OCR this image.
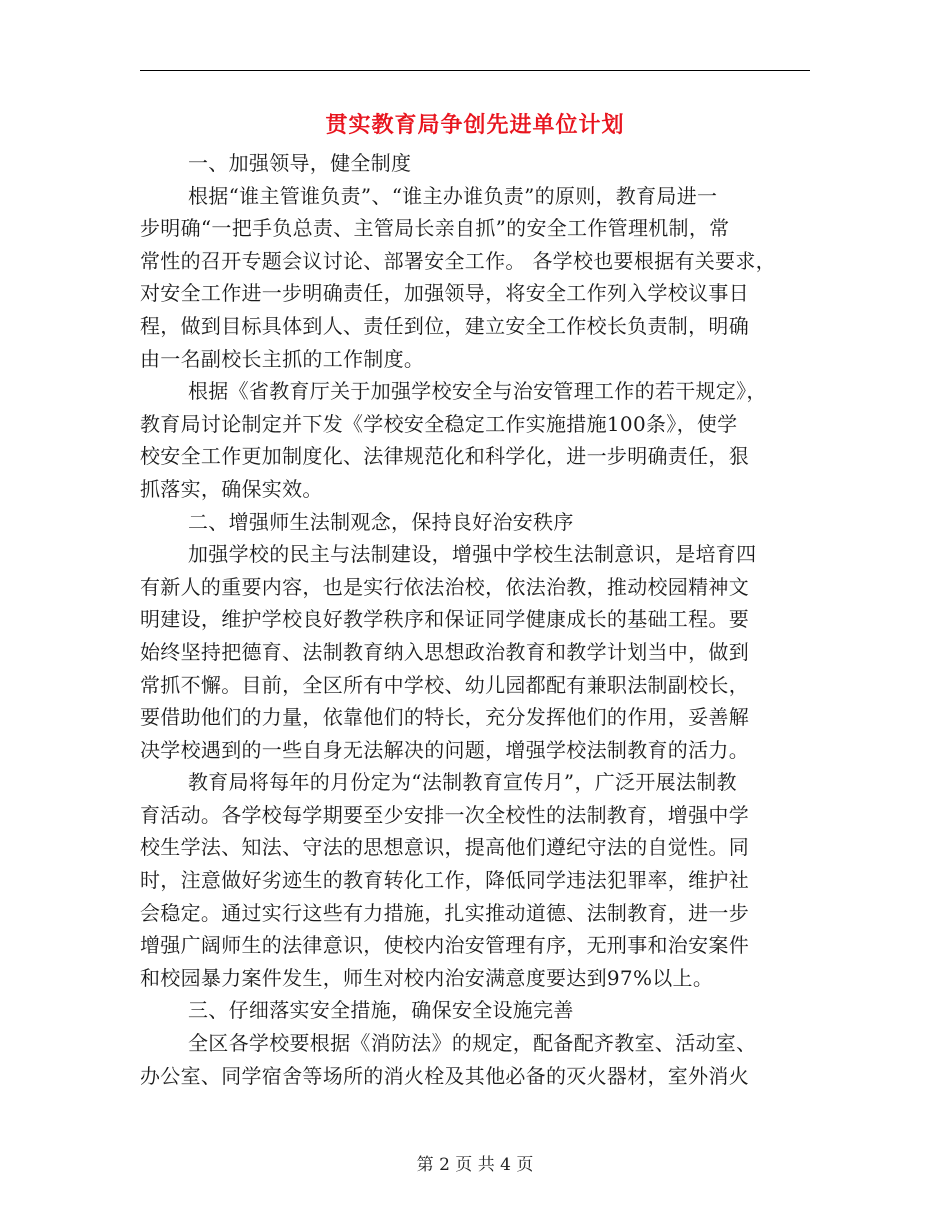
贯实教育局争创先进单位计划
一、加强领导，健全制度
根据“谁主管谁负责”、“谁主办谁负责”的原则，教育局进一
步明确“一把手负总责、主管局长亲自抓”的安全工作管理机制，常
常性的召开专题会议讨论、部署安全工作。 各学校也要根据有关要求，
对安全工作进一步明确责任，加强领导，将安全工作列入学校议事日
程，做到目标具体到人、责任到位，建立安全工作校长负责制，明确
由一名副校长主抓的工作制度。
根据《省教育厅关于加强学校安全与治安管理工作的若干规定》，
教育局讨论制定并下发《学校安全稳定工作实施措施100条》，使学
校安全工作更加制度化、法律规范化和科学化，进一步明确责任，狠
抓落实，确保实效。
二、增强师生法制观念，保持良好治安秩序
加强学校的民主与法制建设，增强中学校生法制意识，是培育四
有新人的重要内容，也是实行依法治校，依法治教，推动校园精神文
明建设，维护学校良好教学秩序和保证同学健康成长的基础工程。要
始终坚持把德育、法制教育纳入思想政治教育和教学计划当中，做到
常抓不懈。目前，全区所有中学校、幼儿园都配有兼职法制副校长，
要借助他们的力量，依靠他们的特长，充分发挥他们的作用，妥善解
决学校遇到的一些自身无法解决的问题，增强学校法制教育的活力。
教育局将每年的月份定为“法制教育宣传月”，广泛开展法制教
育活动。各学校每学期要至少安排一次全校性的法制教育，增强中学
校生学法、知法、守法的思想意识，提高他们遵纪守法的自觉性。同
时，注意做好劣迹生的教育转化工作，降低同学违法犯罪率，维护社
会稳定。通过实行这些有力措施，扎实推动道德、法制教育，进一步
增强广阔师生的法律意识，使校内治安管理有序，无刑事和治安案件
和校园暴力案件发生，师生对校内治安满意度要达到97%以上。
三、仔细落实安全措施，确保安全设施完善
全区各学校要根据《消防法》的规定，配备配齐教室、活动室、
办公室、同学宿舍等场所的消火栓及其他必备的灭火器材，室外消火
第 2 页 共 4 页
